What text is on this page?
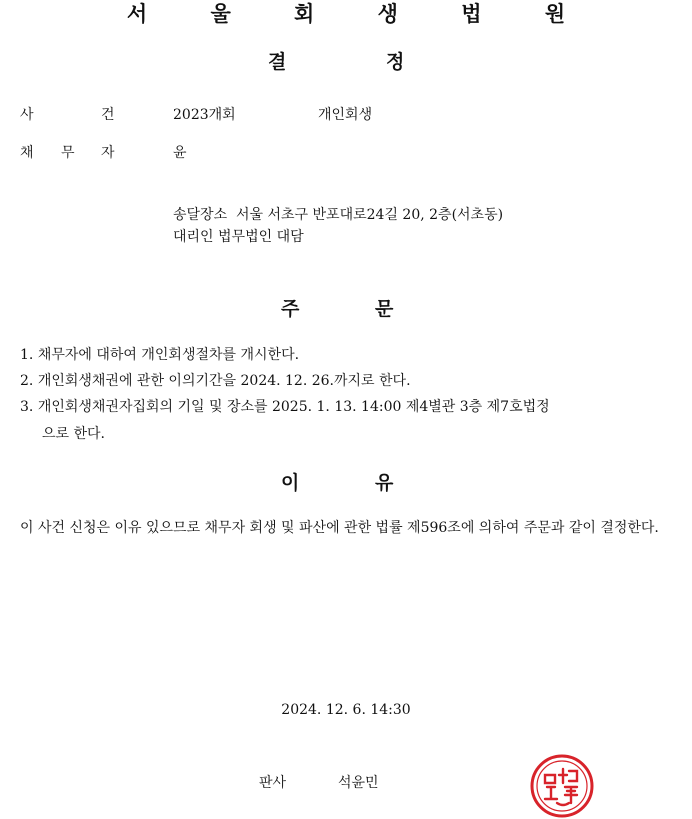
서 울 회 생 법 원
결	정
사	건	2023개회	개인회생
채 무 자	윤
송달장소 서울 서초구 반포대로24길 20, 2층(서초동)
대리인 법무법인 대담
주	문
1. 채무자에 대하여 개인회생절차를 개시한다.
2. 개인회생채권에 관한 이의기간을 2024. 12. 26.까지로 한다.
3. 개인회생채권자집회의 기일 및 장소를 2025. 1. 13. 14:00 제4별관 3층 제7호법정
으로 한다.
이	유
이 사건 신청은 이유 있으므로 채무자 회생 및 파산에 관한 법률 제596조에 의하여 주문과 같이 결정한다.
2024. 12. 6. 14:30
판사	석윤민
